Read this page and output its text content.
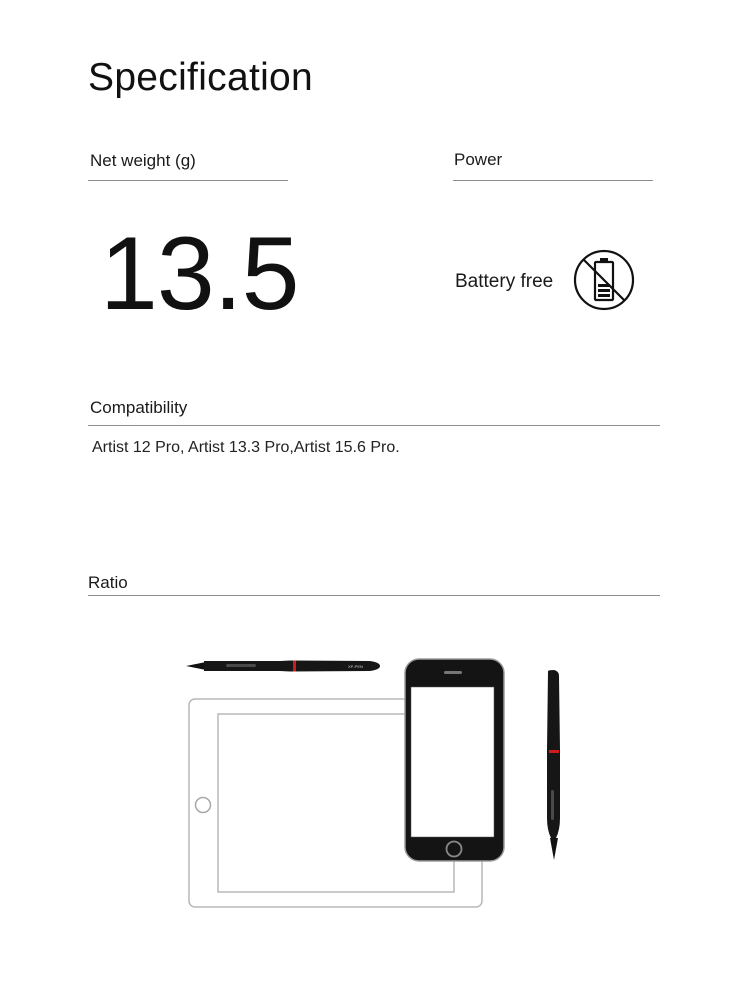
Specification
Net weight (g)
13.5
Power
Battery free
Compatibility
Artist 12 Pro, Artist 13.3 Pro,Artist 15.6 Pro.
Ratio
XP-PEN
